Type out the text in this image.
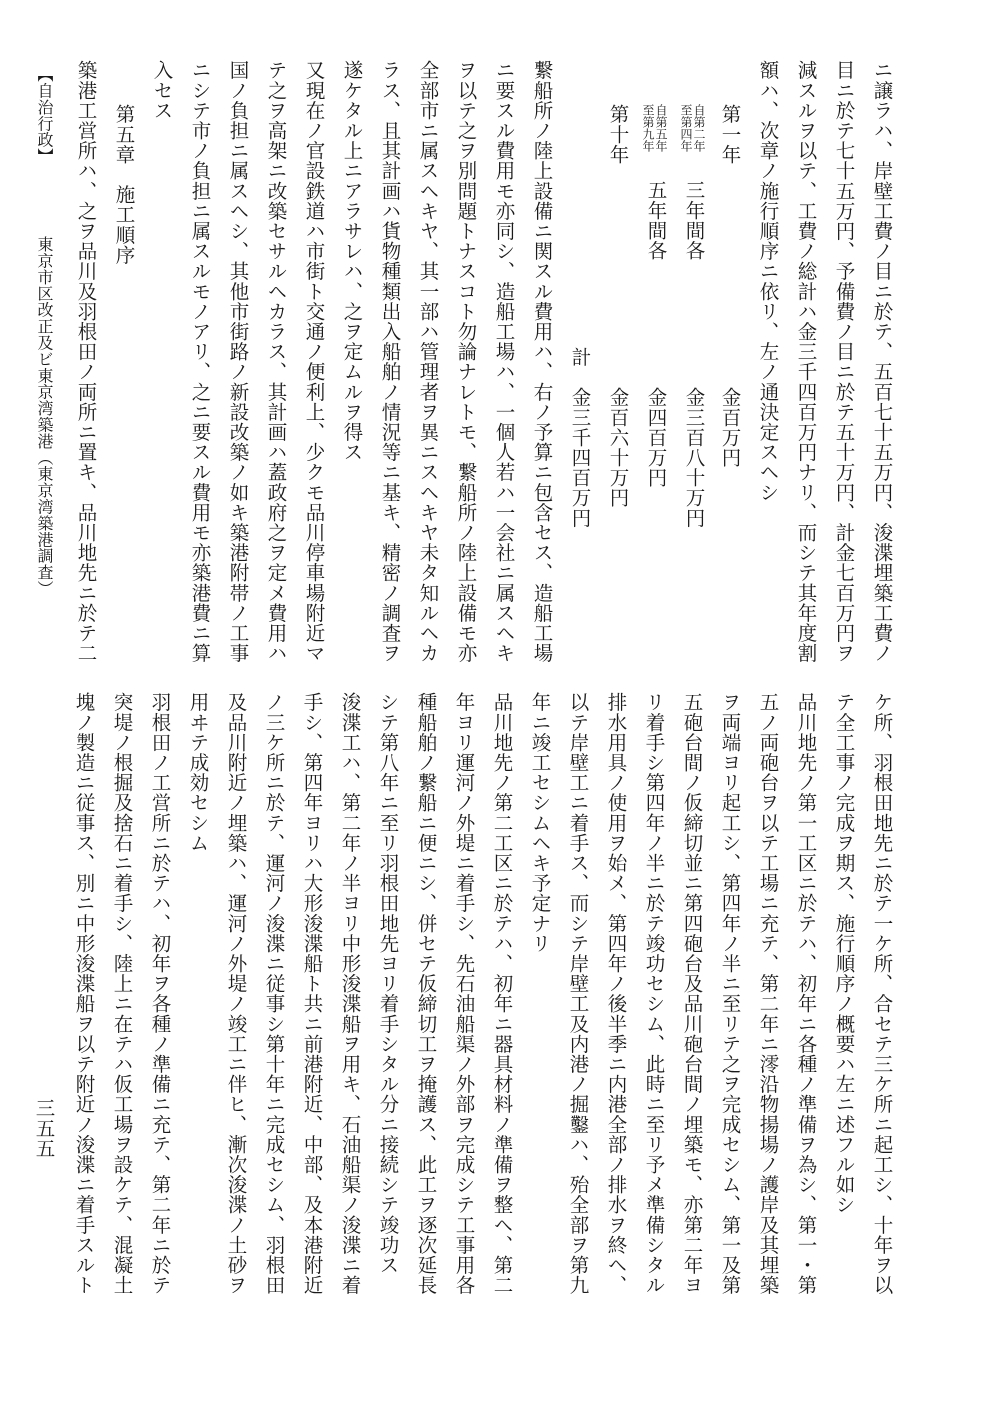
ニ譲ラハ、岸壁工費ノ目ニ於テ、五百七十五万円、浚渫埋築工費ノ
目ニ於テ七十五万円、予備費ノ目ニ於テ五十万円、計金七百万円ヲ
減スルヲ以テ、工費ノ総計ハ金三千四百万円ナリ、而シテ其年度割
額ハ、次章ノ施行順序ニ依リ、左ノ通決定スヘシ
第一年
金百万円
自第二年
至第四年
三年間各
金三百八十万円
自第五年
至第九年
五年間各
金四百万円
第十年
金百六十万円
計
金三千四百万円
繋船所ノ陸上設備ニ関スル費用ハ、右ノ予算ニ包含セス、造船工場
ニ要スル費用モ亦同シ、造船工場ハ、一個人若ハ一会社ニ属スヘキ
ヲ以テ之ヲ別問題トナスコト勿論ナレトモ、繋船所ノ陸上設備モ亦
全部市ニ属スヘキヤ、其一部ハ管理者ヲ異ニスヘキヤ未タ知ルヘカ
ラス、且其計画ハ貨物種類出入船舶ノ情況等ニ基キ、精密ノ調査ヲ
遂ケタル上ニアラサレハ、之ヲ定ムルヲ得ス
又現在ノ官設鉄道ハ市街ト交通ノ便利上、少クモ品川停車場附近マ
テ之ヲ高架ニ改築セサルヘカラス、其計画ハ蓋政府之ヲ定メ費用ハ
国ノ負担ニ属スヘシ、其他市街路ノ新設改築ノ如キ築港附帯ノ工事
ニシテ市ノ負担ニ属スルモノアリ、之ニ要スル費用モ亦築港費ニ算
入セス
第五章　施工順序
築港工営所ハ、之ヲ品川及羽根田ノ両所ニ置キ、品川地先ニ於テ二
ケ所、羽根田地先ニ於テ一ケ所、合セテ三ケ所ニ起工シ、十年ヲ以
テ全工事ノ完成ヲ期ス、施行順序ノ概要ハ左ニ述フル如シ
品川地先ノ第一工区ニ於テハ、初年ニ各種ノ準備ヲ為シ、第一・第
五ノ両砲台ヲ以テ工場ニ充テ、第二年ニ澪沿物揚場ノ護岸及其埋築
ヲ両端ヨリ起工シ、第四年ノ半ニ至リテ之ヲ完成セシム、第一及第
五砲台間ノ仮締切並ニ第四砲台及品川砲台間ノ埋築モ、亦第二年ヨ
リ着手シ第四年ノ半ニ於テ竣功セシム、此時ニ至リ予メ準備シタル
排水用具ノ使用ヲ始メ、第四年ノ後半季ニ内港全部ノ排水ヲ終ヘ、
以テ岸壁工ニ着手ス、而シテ岸壁工及内港ノ掘鑿ハ、殆全部ヲ第九
年ニ竣工セシムヘキ予定ナリ
品川地先ノ第二工区ニ於テハ、初年ニ器具材料ノ準備ヲ整ヘ、第二
年ヨリ運河ノ外堤ニ着手シ、先石油船渠ノ外部ヲ完成シテ工事用各
種船舶ノ繋船ニ便ニシ、併セテ仮締切工ヲ掩護ス、此工ヲ逐次延長
シテ第八年ニ至リ羽根田地先ヨリ着手シタル分ニ接続シテ竣功ス
浚渫工ハ、第二年ノ半ヨリ中形浚渫船ヲ用キ、石油船渠ノ浚渫ニ着
手シ、第四年ヨリハ大形浚渫船ト共ニ前港附近、中部、及本港附近
ノ三ケ所ニ於テ、運河ノ浚渫ニ従事シ第十年ニ完成セシム、羽根田
及品川附近ノ埋築ハ、運河ノ外堤ノ竣工ニ伴ヒ、漸次浚渫ノ土砂ヲ
用ヰテ成効セシム
羽根田ノ工営所ニ於テハ、初年ヲ各種ノ準備ニ充テ、第二年ニ於テ
突堤ノ根掘及捨石ニ着手シ、陸上ニ在テハ仮工場ヲ設ケテ、混凝土
塊ノ製造ニ従事ス、別ニ中形浚渫船ヲ以テ附近ノ浚渫ニ着手スルト
【自治行政】
東京市区改正及ビ東京湾築港（東京湾築港調査）
三五五
